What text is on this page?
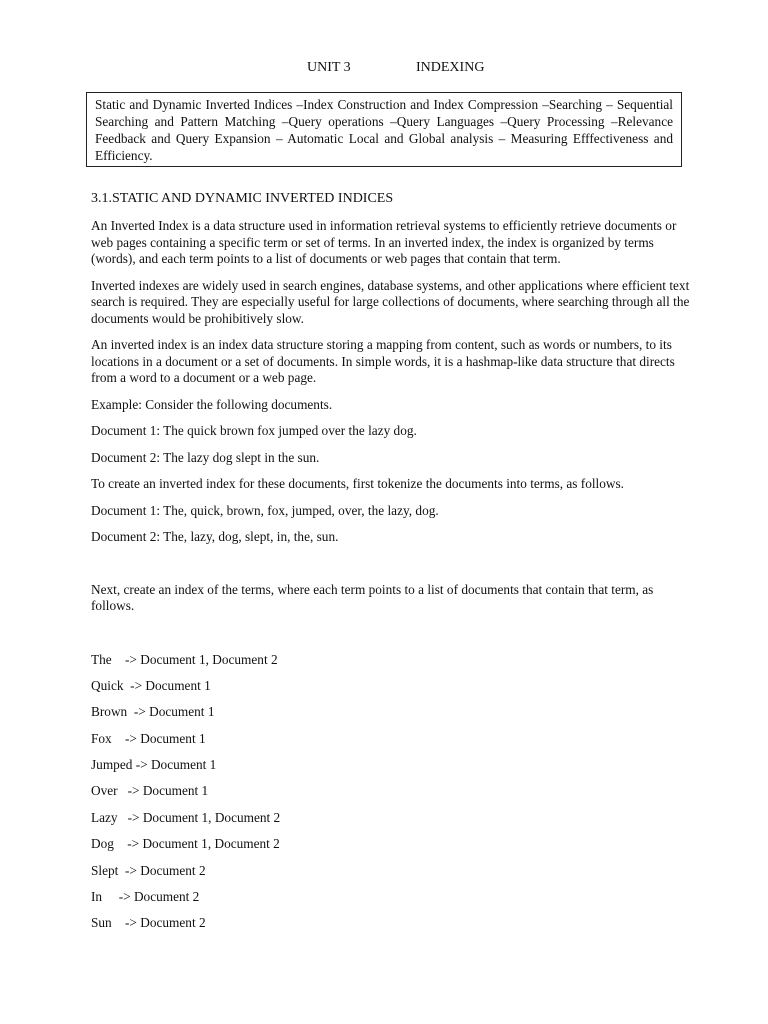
UNIT 3	INDEXING
Static and Dynamic Inverted Indices –Index Construction and Index Compression –Searching – Sequential Searching and Pattern Matching –Query operations –Query Languages –Query Processing –Relevance Feedback and Query Expansion – Automatic Local and Global analysis – Measuring Efffectiveness and Efficiency.
3.1.STATIC AND DYNAMIC INVERTED INDICES

An Inverted Index is a data structure used in information retrieval systems to efficiently retrieve documents or web pages containing a specific term or set of terms. In an inverted index, the index is organized by terms (words), and each term points to a list of documents or web pages that contain that term.

Inverted indexes are widely used in search engines, database systems, and other applications where efficient text search is required. They are especially useful for large collections of documents, where searching through all the documents would be prohibitively slow.

An inverted index is an index data structure storing a mapping from content, such as words or numbers, to its locations in a document or a set of documents. In simple words, it is a hashmap-like data structure that directs from a word to a document or a web page.

Example: Consider the following documents.

Document 1: The quick brown fox jumped over the lazy dog.

Document 2: The lazy dog slept in the sun.

To create an inverted index for these documents, first tokenize the documents into terms, as follows.

Document 1: The, quick, brown, fox, jumped, over, the lazy, dog.

Document 2: The, lazy, dog, slept, in, the, sun.

Next, create an index of the terms, where each term points to a list of documents that contain that term, as follows.

The    -> Document 1, Document 2
Quick  -> Document 1
Brown  -> Document 1
Fox    -> Document 1
Jumped -> Document 1
Over   -> Document 1
Lazy   -> Document 1, Document 2
Dog    -> Document 1, Document 2
Slept  -> Document 2
In     -> Document 2
Sun    -> Document 2
